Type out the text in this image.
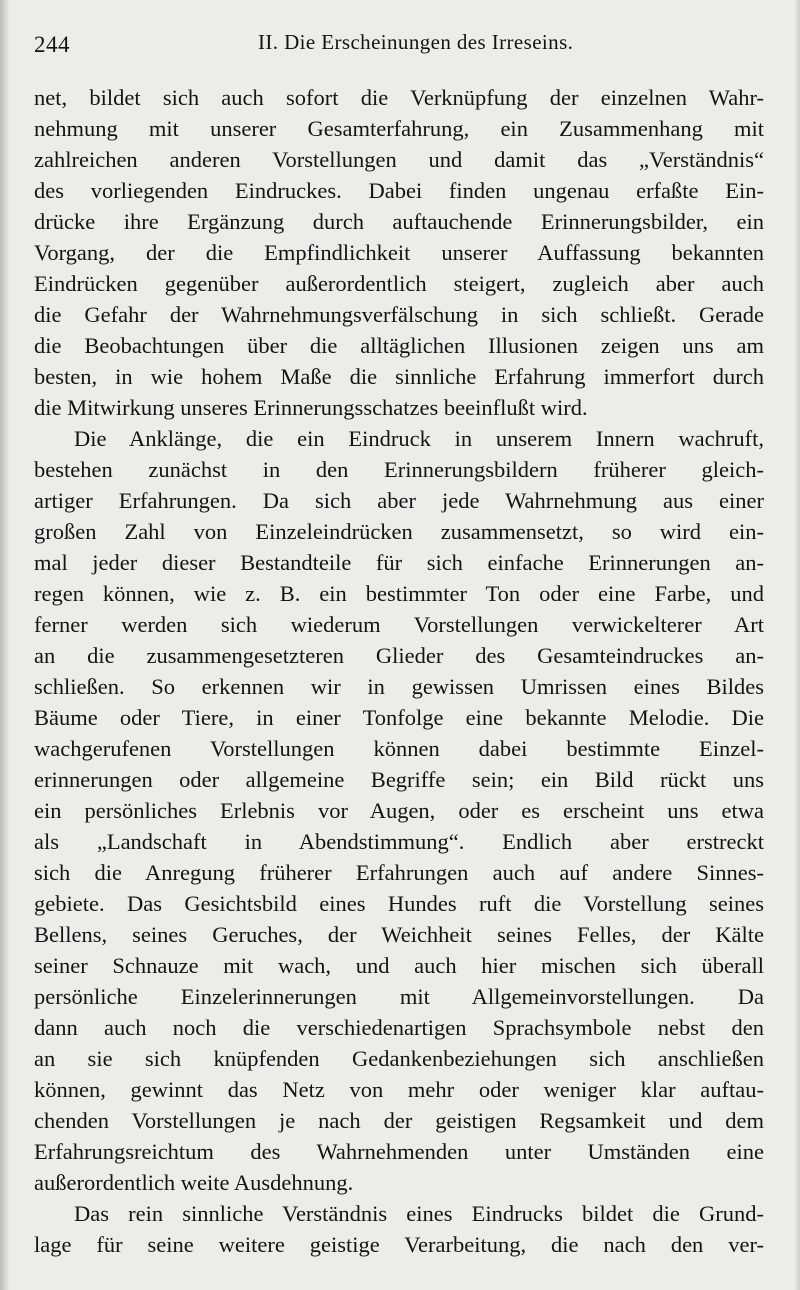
244	II. Die Erscheinungen des Irreseins.
net, bildet sich auch sofort die Verknüpfung der einzelnen Wahr-
nehmung mit unserer Gesamterfahrung, ein Zusammenhang mit
zahlreichen anderen Vorstellungen und damit das „Verständnis“
des vorliegenden Eindruckes. Dabei finden ungenau erfaßte Ein-
drücke ihre Ergänzung durch auftauchende Erinnerungsbilder, ein
Vorgang, der die Empfindlichkeit unserer Auffassung bekannten
Eindrücken gegenüber außerordentlich steigert, zugleich aber auch
die Gefahr der Wahrnehmungsverfälschung in sich schließt. Gerade
die Beobachtungen über die alltäglichen Illusionen zeigen uns am
besten, in wie hohem Maße die sinnliche Erfahrung immerfort durch
die Mitwirkung unseres Erinnerungsschatzes beeinflußt wird.
Die Anklänge, die ein Eindruck in unserem Innern wachruft,
bestehen zunächst in den Erinnerungsbildern früherer gleich-
artiger Erfahrungen. Da sich aber jede Wahrnehmung aus einer
großen Zahl von Einzeleindrücken zusammensetzt, so wird ein-
mal jeder dieser Bestandteile für sich einfache Erinnerungen an-
regen können, wie z. B. ein bestimmter Ton oder eine Farbe, und
ferner werden sich wiederum Vorstellungen verwickelterer Art
an die zusammengesetzteren Glieder des Gesamteindruckes an-
schließen. So erkennen wir in gewissen Umrissen eines Bildes
Bäume oder Tiere, in einer Tonfolge eine bekannte Melodie. Die
wachgerufenen Vorstellungen können dabei bestimmte Einzel-
erinnerungen oder allgemeine Begriffe sein; ein Bild rückt uns
ein persönliches Erlebnis vor Augen, oder es erscheint uns etwa
als „Landschaft in Abendstimmung“. Endlich aber erstreckt
sich die Anregung früherer Erfahrungen auch auf andere Sinnes-
gebiete. Das Gesichtsbild eines Hundes ruft die Vorstellung seines
Bellens, seines Geruches, der Weichheit seines Felles, der Kälte
seiner Schnauze mit wach, und auch hier mischen sich überall
persönliche Einzelerinnerungen mit Allgemeinvorstellungen. Da
dann auch noch die verschiedenartigen Sprachsymbole nebst den
an sie sich knüpfenden Gedankenbeziehungen sich anschließen
können, gewinnt das Netz von mehr oder weniger klar auftau-
chenden Vorstellungen je nach der geistigen Regsamkeit und dem
Erfahrungsreichtum des Wahrnehmenden unter Umständen eine
außerordentlich weite Ausdehnung.
Das rein sinnliche Verständnis eines Eindrucks bildet die Grund-
lage für seine weitere geistige Verarbeitung, die nach den ver-
